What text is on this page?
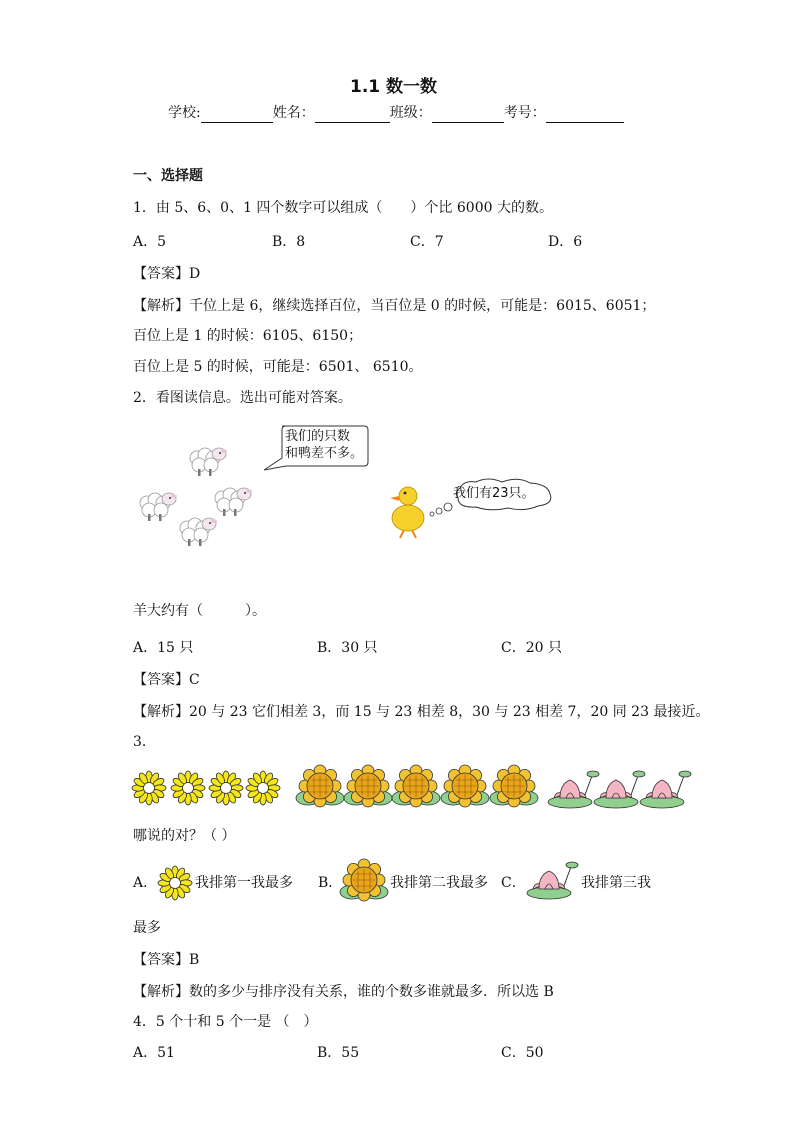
1.1 数一数
学校:	姓名：	班级：	考号：
一、选择题
1．由 5、6、0、1 四个数字可以组成（　　）个比 6000 大的数。
A．5	B．8	C．7	D．6
【答案】D
【解析】千位上是 6，继续选择百位，当百位是 0 的时候，可能是：6015、6051；
百位上是 1 的时候：6105、6150；
百位上是 5 的时候，可能是：6501、 6510。
2．看图读信息。选出可能对答案。
我们的只数
和鸭差不多。
我们有23只。
羊大约有（　　　）。
A．15 只	B．30 只	C．20 只
【答案】C
【解析】20 与 23 它们相差 3，而 15 与 23 相差 8，30 与 23 相差 7，20 同 23 最接近。
3．
哪说的对？（ ）
A．	我排第一我最多 B．	我排第二我最多 C．	我排第三我
最多
【答案】B
【解析】数的多少与排序没有关系，谁的个数多谁就最多．所以选 B
4．5 个十和 5 个一是 （　）
A．51	B．55	C．50
